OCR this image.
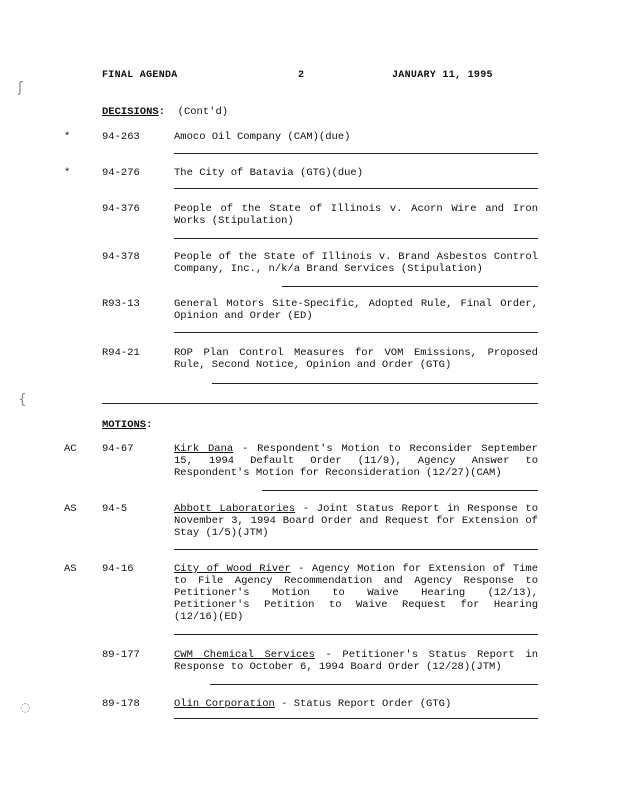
ʃ
{
◌
FINAL AGENDA	2	JANUARY 11, 1995
DECISIONS: (Cont'd)
*	94-263	Amoco Oil Company (CAM)(due)
*	94-276	The City of Batavia (GTG)(due)
94-376	People of the State of Illinois v. Acorn Wire and Iron Works (Stipulation)
94-378	People of the State of Illinois v. Brand Asbestos Control Company, Inc., n/k/a Brand Services (Stipulation)
R93-13	General Motors Site-Specific, Adopted Rule, Final Order, Opinion and Order (ED)
R94-21	ROP Plan Control Measures for VOM Emissions, Proposed Rule, Second Notice, Opinion and Order (GTG)
MOTIONS:
AC 94-67	Kirk Dana - Respondent's Motion to Reconsider September 15, 1994 Default Order (11/9), Agency Answer to Respondent's Motion for Reconsideration (12/27)(CAM)
AS 94-5	Abbott Laboratories - Joint Status Report in Response to November 3, 1994 Board Order and Request for Extension of Stay (1/5)(JTM)
AS 94-16	City of Wood River - Agency Motion for Extension of Time to File Agency Recommendation and Agency Response to Petitioner's Motion to Waive Hearing (12/13), Petitioner's Petition to Waive Request for Hearing (12/16)(ED)
89-177	CWM Chemical Services - Petitioner's Status Report in Response to October 6, 1994 Board Order (12/28)(JTM)
89-178	Olin Corporation - Status Report Order (GTG)
